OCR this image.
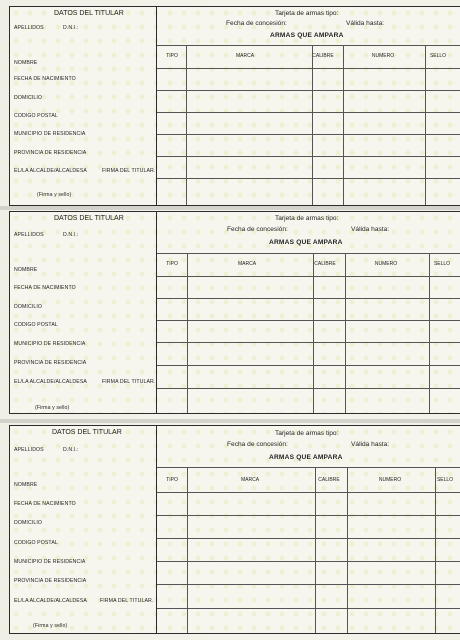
DATOS DEL TITULAR
APELLIDOS	D.N.I.:
NOMBRE
FECHA DE NACIMIENTO
DOMICILIO
CODIGO POSTAL
MUNICIPIO DE RESIDENCIA
PROVINCIA DE RESIDENCIA
EL/LA ALCALDE/ALCALDESA	FIRMA DEL TITULAR.
(Firma y sello)
Tarjeta de armas tipo:
Fecha de concesión:	Válida hasta:
ARMAS QUE AMPARA
TIPO	MARCA	CALIBRE	NUMERO	SELLO
DATOS DEL TITULAR
APELLIDOS	D.N.I.:
NOMBRE
FECHA DE NACIMIENTO
DOMICILIO
CODIGO POSTAL
MUNICIPIO DE RESIDENCIA
PROVINCIA DE RESIDENCIA
EL/LA ALCALDE/ALCALDESA	FIRMA DEL TITULAR.
(Firma y sello)
Tarjeta de armas tipo:
Fecha de concesión:	Válida hasta:
ARMAS QUE AMPARA
TIPO	MARCA	CALIBRE	NUMERO	SELLO
DATOS DEL TITULAR
APELLIDOS	D.N.I.:
NOMBRE
FECHA DE NACIMIENTO
DOMICILIO
CODIGO POSTAL
MUNICIPIO DE RESIDENCIA
PROVINCIA DE RESIDENCIA
EL/LA ALCALDE/ALCALDESA	FIRMA DEL TITULAR.
(Firma y sello)
Tarjeta de armas tipo:
Fecha de concesión:	Válida hasta:
ARMAS QUE AMPARA
TIPO	MARCA	CALIBRE	NUMERO	SELLO
